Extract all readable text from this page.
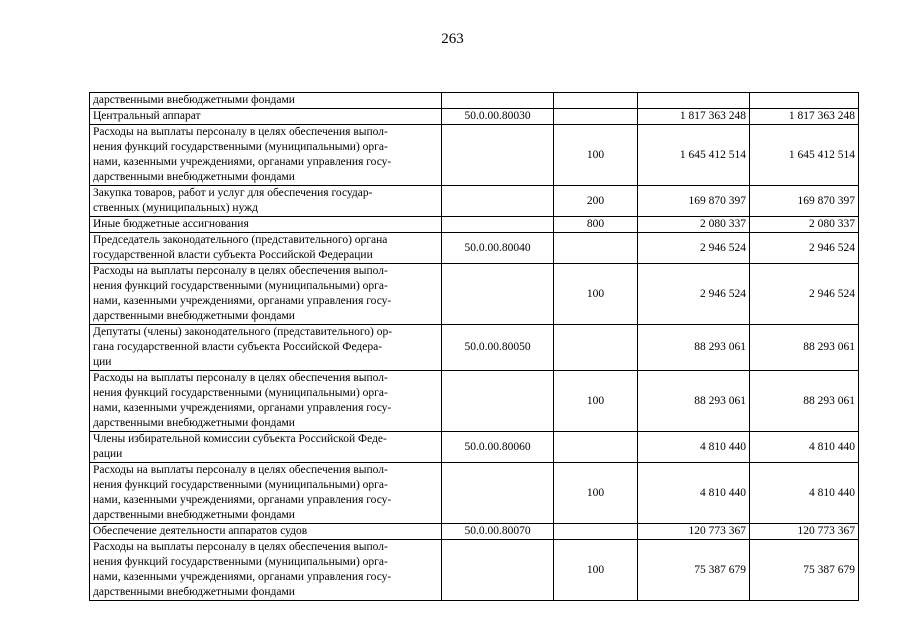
263
дарственными внебюджетными фондами				
Центральный аппарат	50.0.00.80030		1 817 363 248	1 817 363 248
Расходы на выплаты персоналу в целях обеспечения выпол-
нения функций государственными (муниципальными) орга-
нами, казенными учреждениями, органами управления госу-
дарственными внебюджетными фондами		100	1 645 412 514	1 645 412 514
Закупка товаров, работ и услуг для обеспечения государ-
ственных (муниципальных) нужд		200	169 870 397	169 870 397
Иные бюджетные ассигнования		800	2 080 337	2 080 337
Председатель законодательного (представительного) органа
государственной власти субъекта Российской Федерации	50.0.00.80040		2 946 524	2 946 524
Расходы на выплаты персоналу в целях обеспечения выпол-
нения функций государственными (муниципальными) орга-
нами, казенными учреждениями, органами управления госу-
дарственными внебюджетными фондами		100	2 946 524	2 946 524
Депутаты (члены) законодательного (представительного) ор-
гана государственной власти субъекта Российской Федера-
ции	50.0.00.80050		88 293 061	88 293 061
Расходы на выплаты персоналу в целях обеспечения выпол-
нения функций государственными (муниципальными) орга-
нами, казенными учреждениями, органами управления госу-
дарственными внебюджетными фондами		100	88 293 061	88 293 061
Члены избирательной комиссии субъекта Российской Феде-
рации	50.0.00.80060		4 810 440	4 810 440
Расходы на выплаты персоналу в целях обеспечения выпол-
нения функций государственными (муниципальными) орга-
нами, казенными учреждениями, органами управления госу-
дарственными внебюджетными фондами		100	4 810 440	4 810 440
Обеспечение деятельности аппаратов судов	50.0.00.80070		120 773 367	120 773 367
Расходы на выплаты персоналу в целях обеспечения выпол-
нения функций государственными (муниципальными) орга-
нами, казенными учреждениями, органами управления госу-
дарственными внебюджетными фондами		100	75 387 679	75 387 679
